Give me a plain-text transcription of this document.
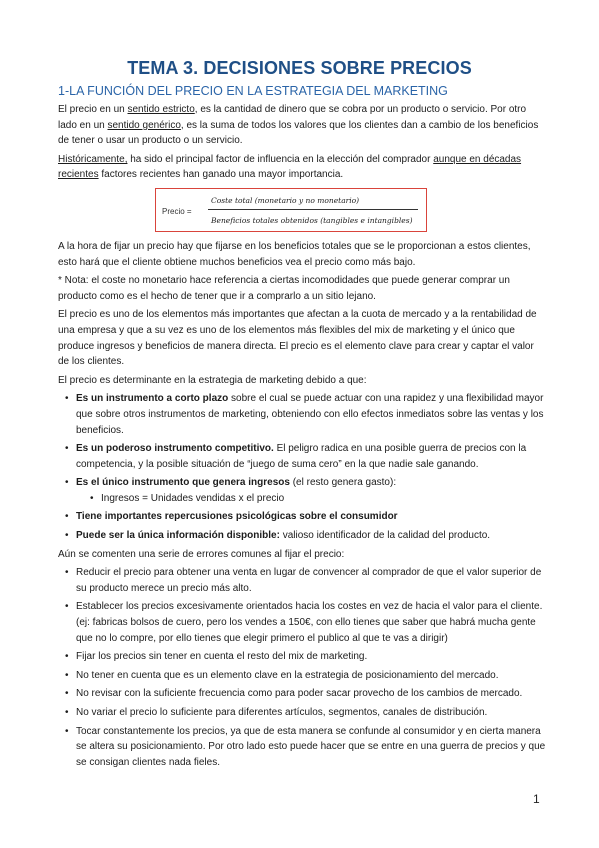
TEMA 3. DECISIONES SOBRE PRECIOS
1-LA FUNCIÓN DEL PRECIO EN LA ESTRATEGIA DEL MARKETING

El precio en un sentido estricto, es la cantidad de dinero que se cobra por un producto o servicio. Por otro lado en un sentido genérico, es la suma de todos los valores que los clientes dan a cambio de los beneficios de tener o usar un producto o un servicio.

Históricamente, ha sido el principal factor de influencia en la elección del comprador aunque en décadas recientes factores recientes han ganado una mayor importancia.

Precio =
Coste total (monetario y no monetario)
Beneficios totales obtenidos (tangibles e intangibles)

A la hora de fijar un precio hay que fijarse en los beneficios totales que se le proporcionan a estos clientes, esto hará que el cliente obtiene muchos beneficios vea el precio como más bajo.

* Nota: el coste no monetario hace referencia a ciertas incomodidades que puede generar comprar un producto como es el hecho de tener que ir a comprarlo a un sitio lejano.

El precio es uno de los elementos más importantes que afectan a la cuota de mercado y a la rentabilidad de una empresa y que a su vez es uno de los elementos más flexibles del mix de marketing y el único que produce ingresos y beneficios de manera directa. El precio es el elemento clave para crear y captar el valor de los clientes.

El precio es determinante en la estrategia de marketing debido a que:

• Es un instrumento a corto plazo sobre el cual se puede actuar con una rapidez y una flexibilidad mayor que sobre otros instrumentos de marketing, obteniendo con ello efectos inmediatos sobre las ventas y los beneficios.
• Es un poderoso instrumento competitivo. El peligro radica en una posible guerra de precios con la competencia, y la posible situación de “juego de suma cero” en la que nadie sale ganando.
• Es el único instrumento que genera ingresos (el resto genera gasto):
• Ingresos = Unidades vendidas x el precio
• Tiene importantes repercusiones psicológicas sobre el consumidor
• Puede ser la única información disponible: valioso identificador de la calidad del producto.

Aún se comenten una serie de errores comunes al fijar el precio:

• Reducir el precio para obtener una venta en lugar de convencer al comprador de que el valor superior de su producto merece un precio más alto.
• Establecer los precios excesivamente orientados hacia los costes en vez de hacia el valor para el cliente. (ej: fabricas bolsos de cuero, pero los vendes a 150€, con ello tienes que saber que habrá mucha gente que no lo compre, por ello tienes que elegir primero el publico al que te vas a dirigir)
• Fijar los precios sin tener en cuenta el resto del mix de marketing.
• No tener en cuenta que es un elemento clave en la estrategia de posicionamiento del mercado.
• No revisar con la suficiente frecuencia como para poder sacar provecho de los cambios de mercado.
• No variar el precio lo suficiente para diferentes artículos, segmentos, canales de distribución.
• Tocar constantemente los precios, ya que de esta manera se confunde al consumidor y en cierta manera se altera su posicionamiento. Por otro lado esto puede hacer que se entre en una guerra de precios y que se consigan clientes nada fieles.
1
